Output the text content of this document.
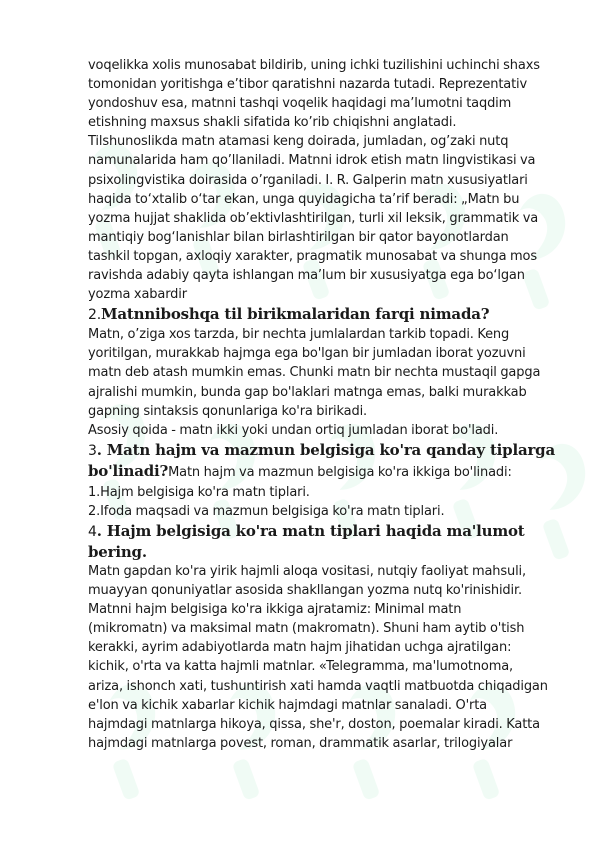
voqelikka xolis munosabat bildirib, uning ichki tuzilishini uchinchi shaxs
tomonidan yoritishga e’tibor qaratishni nazarda tutadi. Reprezentativ
yondoshuv esa, matnni tashqi voqelik haqidagi ma’lumotni taqdim
etishning maxsus shakli sifatida ko’rib chiqishni anglatadi.
Tilshunoslikda matn atamasi keng doirada, jumladan, og’zaki nutq
namunalarida ham qo’llaniladi. Matnni idrok etish matn lingvistikasi va
psixolingvistika doirasida o’rganiladi. I. R. Galperin matn xususiyatlari
haqida to‘xtalib o‘tar ekan, unga quyidagicha ta’rif beradi: „Matn bu
yozma hujjat shaklida ob’ektivlashtirilgan, turli xil leksik, grammatik va
mantiqiy bog‘lanishlar bilan birlashtirilgan bir qator bayonotlardan
tashkil topgan, axloqiy xarakter, pragmatik munosabat va shunga mos
ravishda adabiy qayta ishlangan ma’lum bir xususiyatga ega bo‘lgan
yozma xabardir
2.Matnniboshqa til birikmalaridan farqi nimada?
Matn, o’ziga xos tarzda, bir nechta jumlalardan tarkib topadi. Keng
yoritilgan, murakkab hajmga ega bo'lgan bir jumladan iborat yozuvni
matn deb atash mumkin emas. Chunki matn bir nechta mustaqil gapga
ajralishi mumkin, bunda gap bo'laklari matnga emas, balki murakkab
gapning sintaksis qonunlariga ko'ra birikadi.
Asosiy qoida - matn ikki yoki undan ortiq jumladan iborat bo'ladi.
3. Matn hajm va mazmun belgisiga ko'ra qanday tiplarga
bo'linadi?Matn hajm va mazmun belgisiga ko'ra ikkiga bo'linadi:
1.Hajm belgisiga ko'ra matn tiplari.
2.Ifoda maqsadi va mazmun belgisiga ko'ra matn tiplari.
4. Hajm belgisiga ko'ra matn tiplari haqida ma'lumot
bering.
Matn gapdan ko'ra yirik hajmli aloqa vositasi, nutqiy faoliyat mahsuli,
muayyan qonuniyatlar asosida shakllangan yozma nutq ko'rinishidir.
Matnni hajm belgisiga ko'ra ikkiga ajratamiz: Minimal matn
(mikromatn) va maksimal matn (makromatn). Shuni ham aytib o'tish
kerakki, ayrim adabiyotlarda matn hajm jihatidan uchga ajratilgan:
kichik, o'rta va katta hajmli matnlar. «Telegramma, ma'lumotnoma,
ariza, ishonch xati, tushuntirish xati hamda vaqtli matbuotda chiqadigan
e'lon va kichik xabarlar kichik hajmdagi matnlar sanaladi. O'rta
hajmdagi matnlarga hikoya, qissa, she'r, doston, poemalar kiradi. Katta
hajmdagi matnlarga povest, roman, drammatik asarlar, trilogiyalar
